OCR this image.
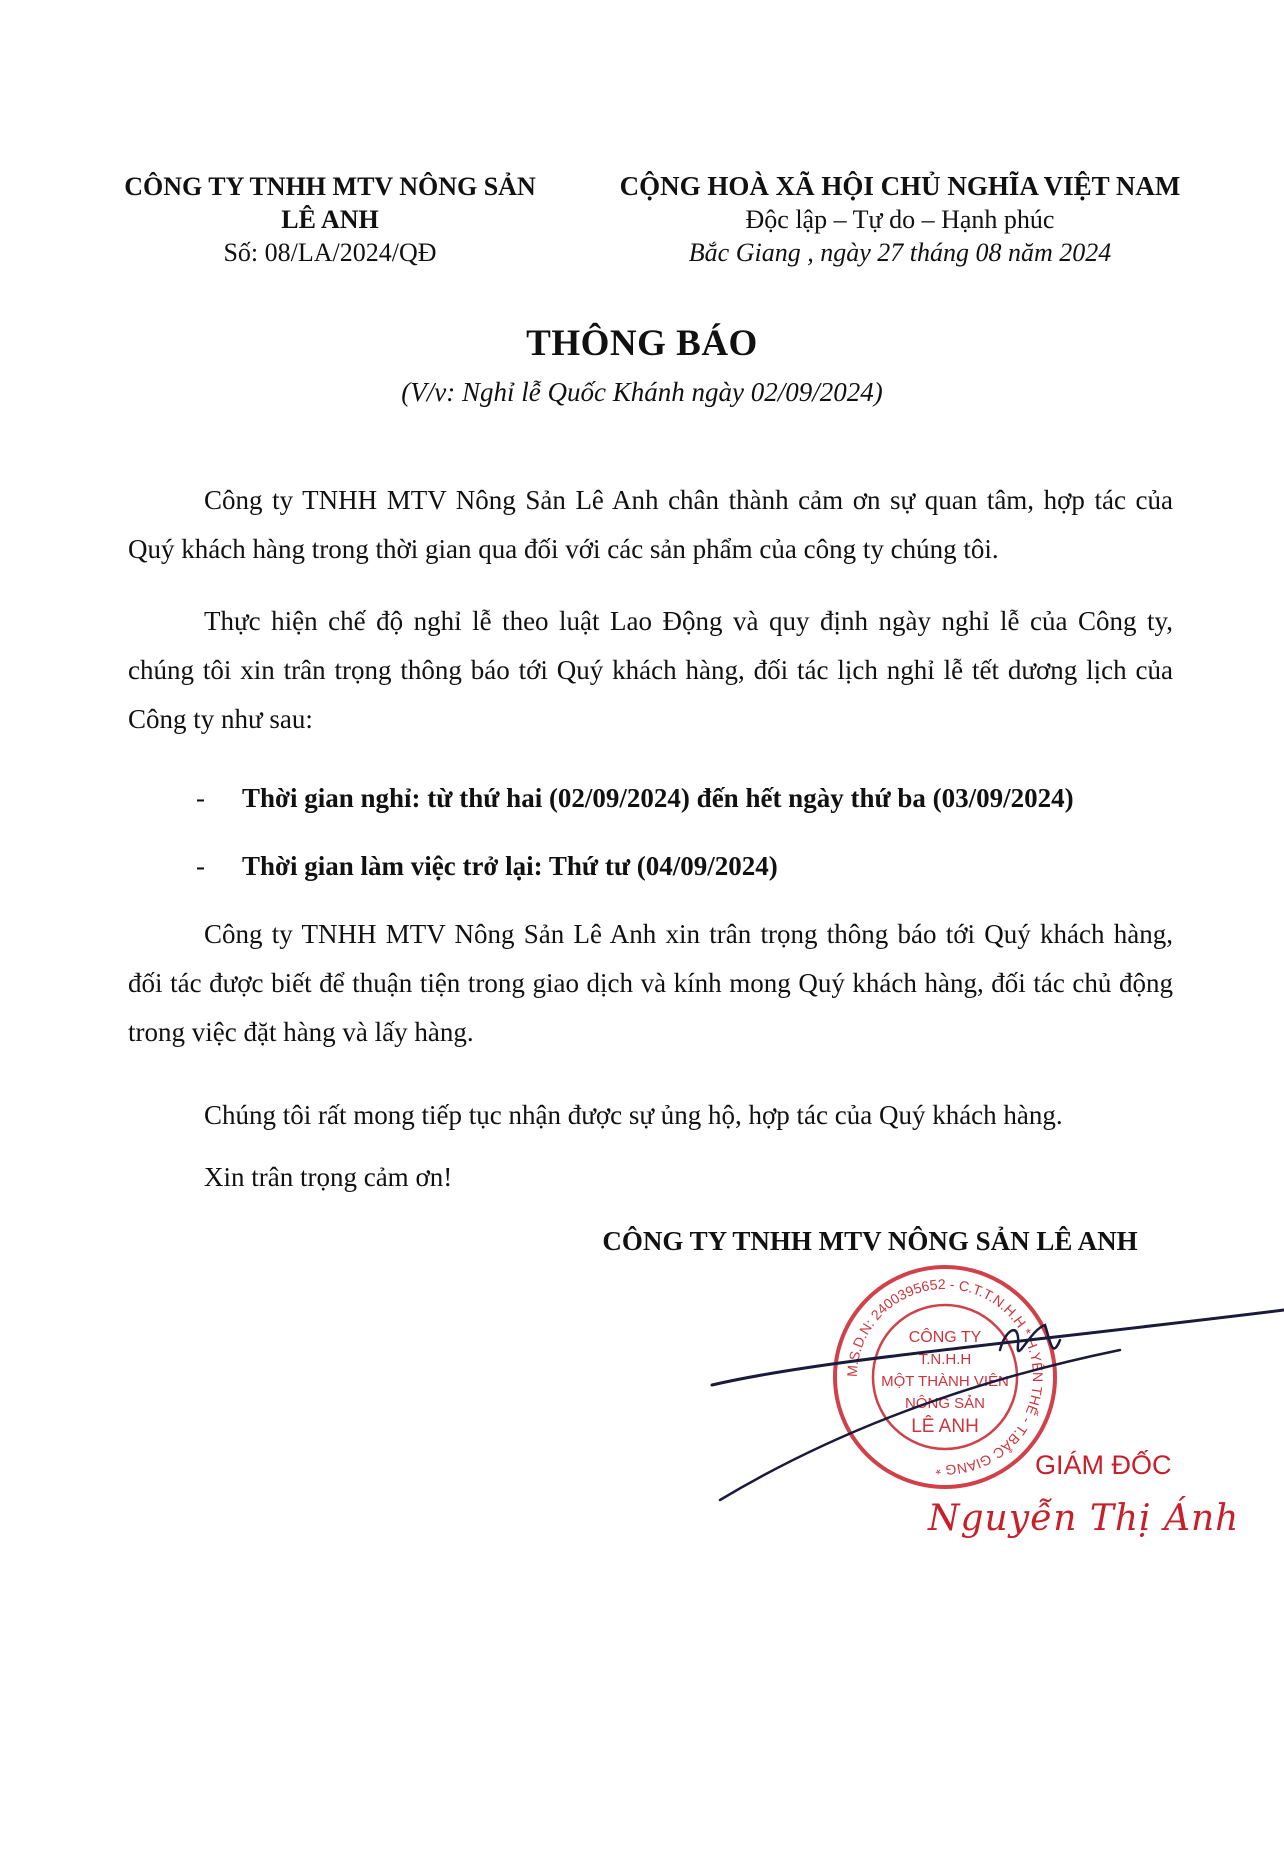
CÔNG TY TNHH MTV NÔNG SẢN
LÊ ANH
Số: 08/LA/2024/QĐ
CỘNG HOÀ XÃ HỘI CHỦ NGHĨA VIỆT NAM
Độc lập – Tự do – Hạnh phúc
Bắc Giang , ngày 27 tháng 08 năm 2024
THÔNG BÁO
(V/v: Nghỉ lễ Quốc Khánh ngày 02/09/2024)

Công ty TNHH MTV Nông Sản Lê Anh chân thành cảm ơn sự quan tâm, hợp tác của Quý khách hàng trong thời gian qua đối với các sản phẩm của công ty chúng tôi.

Thực hiện chế độ nghỉ lễ theo luật Lao Động và quy định ngày nghỉ lễ của Công ty, chúng tôi xin trân trọng thông báo tới Quý khách hàng, đối tác lịch nghỉ lễ tết dương lịch của Công ty như sau:

-	Thời gian nghỉ: từ thứ hai (02/09/2024) đến hết ngày thứ ba (03/09/2024)
-	Thời gian làm việc trở lại: Thứ tư (04/09/2024)

Công ty TNHH MTV Nông Sản Lê Anh xin trân trọng thông báo tới Quý khách hàng, đối tác được biết để thuận tiện trong giao dịch và kính mong Quý khách hàng, đối tác chủ động trong việc đặt hàng và lấy hàng.

Chúng tôi rất mong tiếp tục nhận được sự ủng hộ, hợp tác của Quý khách hàng.

Xin trân trọng cảm ơn!

CÔNG TY TNHH MTV NÔNG SẢN LÊ ANH
M.S.D.N: 2400395652 - C.T.T.N.H.H * H.YÊN THẾ - T.BẮC GIANG *
CÔNG TY
T.N.H.H
MỘT THÀNH VIÊN
NÔNG SẢN
LÊ ANH
GIÁM ĐỐC
Nguyễn Thị Ánh
